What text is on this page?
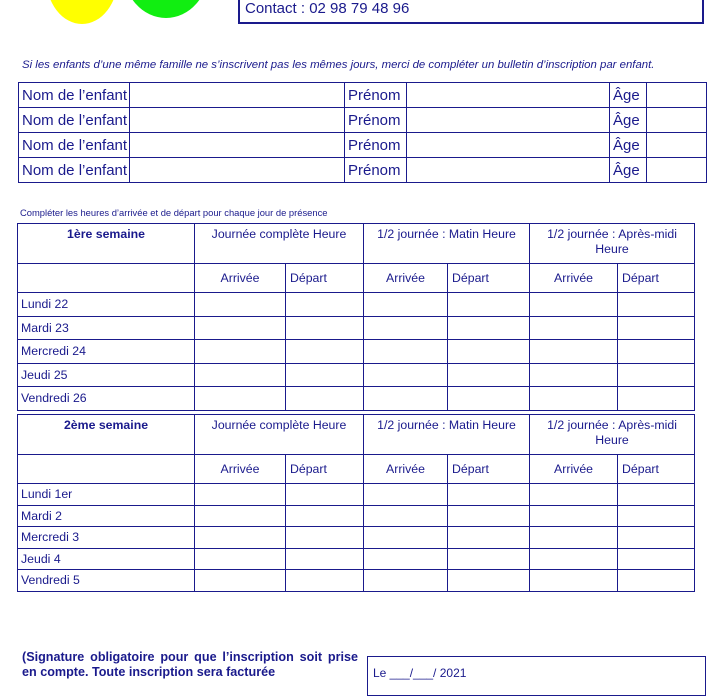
Contact : 02 98 79 48 96
Si les enfants d’une même famille ne s’inscrivent pas les mêmes jours, merci de compléter un bulletin d’inscription par enfant.
Nom de l’enfant		Prénom		Âge	
Nom de l’enfant		Prénom		Âge	
Nom de l’enfant		Prénom		Âge	
Nom de l’enfant		Prénom		Âge	
Compléter les heures d’arrivée et de départ pour chaque jour de présence
1ère semaine	Journée complète Heure		1/2 journée : Matin Heure		1/2 journée : Après-midi Heure	
	Arrivée	Départ	Arrivée	Départ	Arrivée	Départ
Lundi 22						
Mardi 23						
Mercredi 24						
Jeudi 25						
Vendredi 26						
2ème semaine	Journée complète Heure		1/2 journée : Matin Heure		1/2 journée : Après-midi Heure	
	Arrivée	Départ	Arrivée	Départ	Arrivée	Départ
Lundi 1er						
Mardi 2						
Mercredi 3						
Jeudi 4						
Vendredi 5						
(Signature obligatoire pour que l’inscription soit prise en compte. Toute inscription sera facturée	Le ___/___/ 2021
